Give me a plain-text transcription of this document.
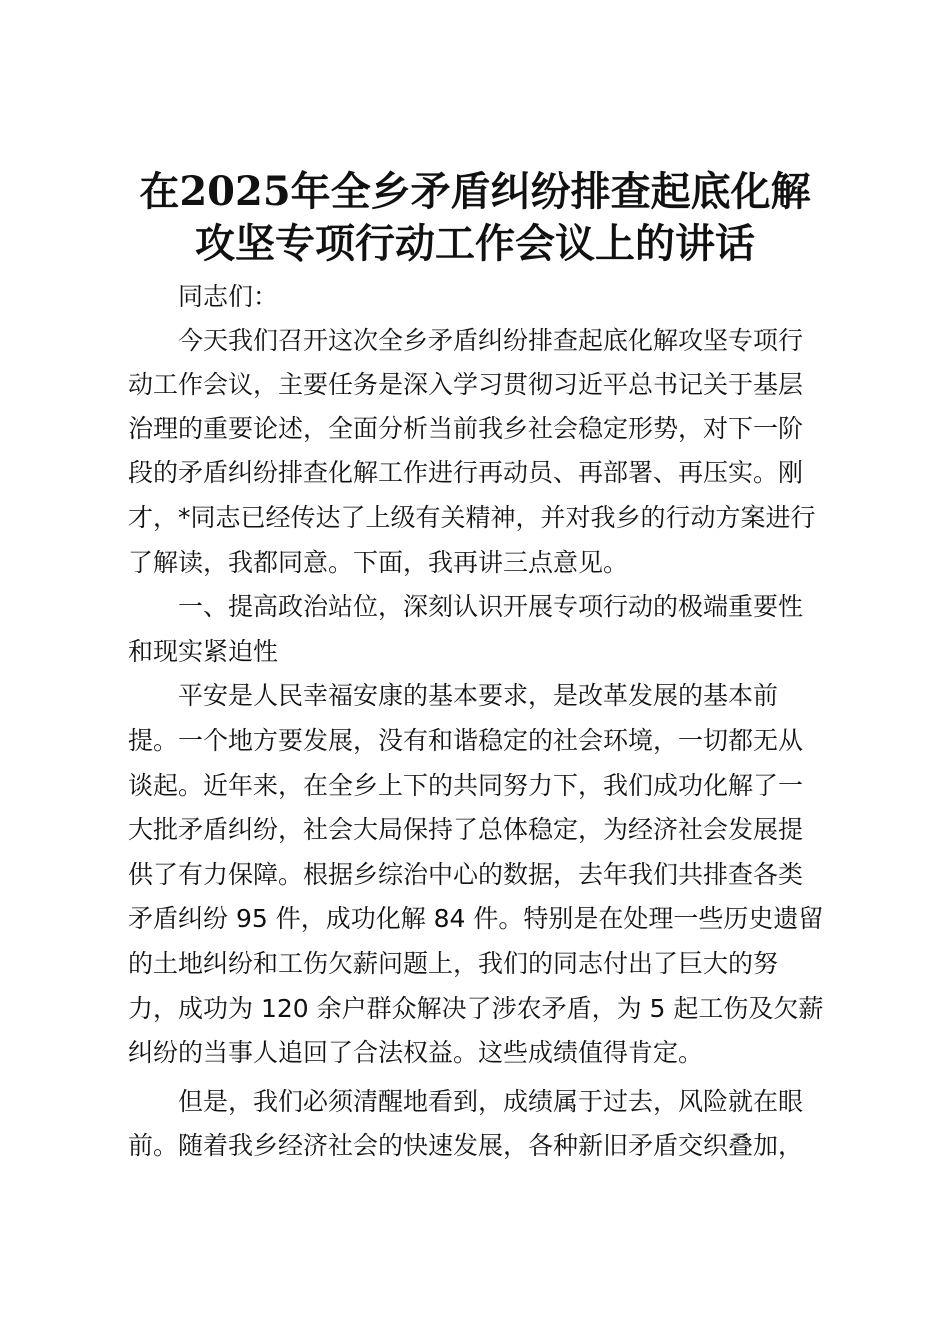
在2025年全乡矛盾纠纷排查起底化解
攻坚专项行动工作会议上的讲话
同志们：
今天我们召开这次全乡矛盾纠纷排查起底化解攻坚专项行
动工作会议，主要任务是深入学习贯彻习近平总书记关于基层
治理的重要论述，全面分析当前我乡社会稳定形势，对下一阶
段的矛盾纠纷排查化解工作进行再动员、再部署、再压实。刚
才，*同志已经传达了上级有关精神，并对我乡的行动方案进行
了解读，我都同意。下面，我再讲三点意见。
一、提高政治站位，深刻认识开展专项行动的极端重要性
和现实紧迫性
平安是人民幸福安康的基本要求，是改革发展的基本前
提。一个地方要发展，没有和谐稳定的社会环境，一切都无从
谈起。近年来，在全乡上下的共同努力下，我们成功化解了一
大批矛盾纠纷，社会大局保持了总体稳定，为经济社会发展提
供了有力保障。根据乡综治中心的数据，去年我们共排查各类
矛盾纠纷 95 件，成功化解 84 件。特别是在处理一些历史遗留
的土地纠纷和工伤欠薪问题上，我们的同志付出了巨大的努
力，成功为 120 余户群众解决了涉农矛盾，为 5 起工伤及欠薪
纠纷的当事人追回了合法权益。这些成绩值得肯定。
但是，我们必须清醒地看到，成绩属于过去，风险就在眼
前。随着我乡经济社会的快速发展，各种新旧矛盾交织叠加，
